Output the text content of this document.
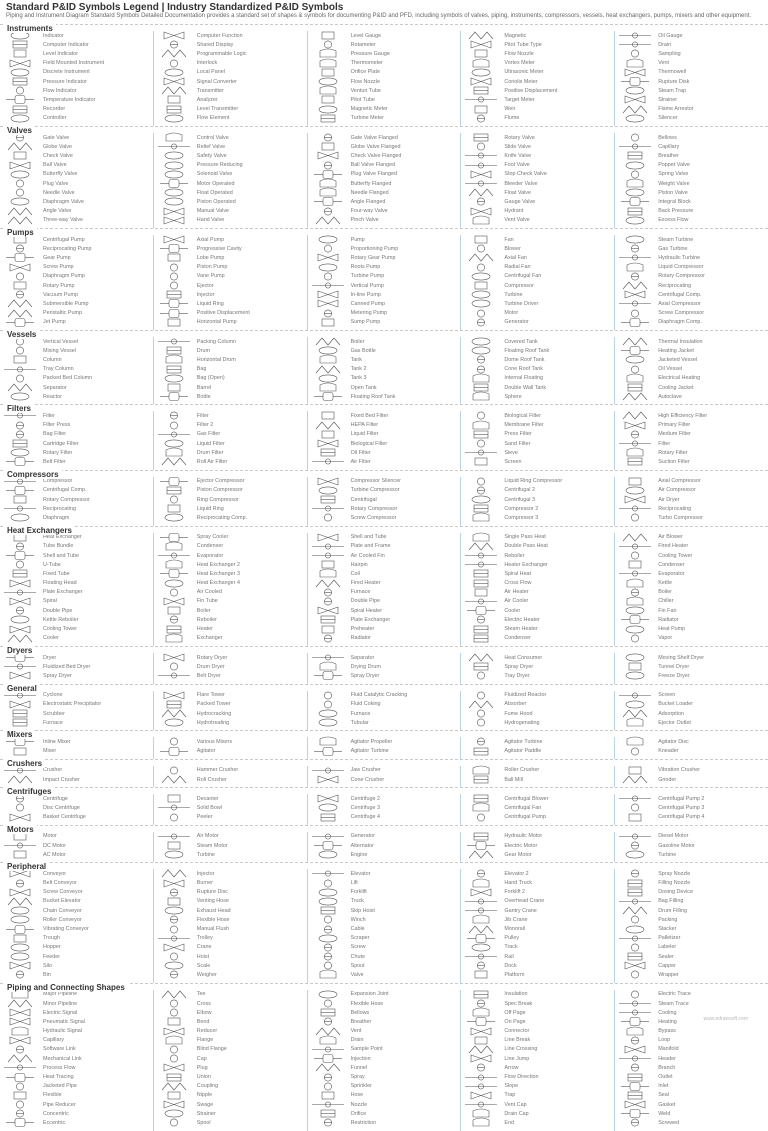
Standard P&ID Symbols Legend | Industry Standardized P&ID Symbols
Piping and Instrument Diagram Standard Symbols Detailed Documentation provides a standard set of shapes & symbols for documenting P&ID and PFD, including symbols of valves, piping, instruments, compressors, vessels, heat exchangers, pumps, mixers and other equipment.
Instruments
Indicator
Computer Indicator
Level Indicator
Field Mounted Instrument
Discrete Instrument
Pressure Indicator
Flow Indicator
Temperature Indicator
Recorder
Controller
Computer Function
Shared Display
Programmable Logic
Interlock
Local Panel
Signal Converter
Transmitter
Analyzer
Level Transmitter
Flow Element
Level Gauge
Rotameter
Pressure Gauge
Thermometer
Orifice Plate
Flow Nozzle
Venturi Tube
Pitot Tube
Magnetic Meter
Turbine Meter
Magnetic
Pitot Tube Type
Flow Nozzle
Vortex Meter
Ultrasonic Meter
Coriolis Meter
Positive Displacement
Target Meter
Weir
Flume
Oil Gauge
Drain
Sampling
Vent
Thermowell
Rupture Disk
Steam Trap
Strainer
Flame Arrestor
Silencer
Valves
Gate Valve
Globe Valve
Check Valve
Ball Valve
Butterfly Valve
Plug Valve
Needle Valve
Diaphragm Valve
Angle Valve
Three-way Valve
Control Valve
Relief Valve
Safety Valve
Pressure Reducing
Solenoid Valve
Motor Operated
Float Operated
Piston Operated
Manual Valve
Hand Valve
Gate Valve Flanged
Globe Valve Flanged
Check Valve Flanged
Ball Valve Flanged
Plug Valve Flanged
Butterfly Flanged
Needle Flanged
Angle Flanged
Four-way Valve
Pinch Valve
Rotary Valve
Slide Valve
Knife Valve
Foot Valve
Stop Check Valve
Bleeder Valve
Float Valve
Gauge Valve
Hydrant
Vent Valve
Bellows
Capillary
Breather
Poppet Valve
Spring Valve
Weight Valve
Piston Valve
Integral Block
Back Pressure
Excess Flow
Pumps
Centrifugal Pump
Reciprocating Pump
Gear Pump
Screw Pump
Diaphragm Pump
Rotary Pump
Vacuum Pump
Submersible Pump
Peristaltic Pump
Jet Pump
Axial Pump
Progressive Cavity
Lobe Pump
Piston Pump
Vane Pump
Ejector
Injector
Liquid Ring
Positive Displacement
Horizontal Pump
Pump
Proportioning Pump
Rotary Gear Pump
Roots Pump
Turbine Pump
Vertical Pump
In-line Pump
Canned Pump
Metering Pump
Sump Pump
Fan
Blower
Axial Fan
Radial Fan
Centrifugal Fan
Compressor
Turbine
Turbine Driver
Motor
Generator
Steam Turbine
Gas Turbine
Hydraulic Turbine
Liquid Compressor
Rotary Compressor
Reciprocating
Centrifugal Comp.
Axial Compressor
Screw Compressor
Diaphragm Comp.
Vessels
Vertical Vessel
Mixing Vessel
Column
Tray Column
Packed Bed Column
Separator
Reactor
Packing Column
Drum
Horizontal Drum
Bag
Bag (Open)
Barrel
Bottle
Boiler
Gas Bottle
Tank
Tank 2
Tank 3
Open Tank
Floating Roof Tank
Covered Tank
Floating Roof Tank
Dome Roof Tank
Cone Roof Tank
Internal Floating
Double Wall Tank
Sphere
Thermal Insulation
Heating Jacket
Jacketed Vessel
Oil Vessel
Electrical Heating
Cooling Jacket
Autoclave
Filters
Filter
Filter Press
Bag Filter
Cartridge Filter
Rotary Filter
Belt Filter
Filter
Filter 2
Gas Filter
Liquid Filter
Drum Filter
Roll Air Filter
Fixed Bed Filter
HEPA Filter
Liquid Filter
Biological Filter
Oil Filter
Air Filter
Biological Filter
Membrane Filter
Press Filter
Sand Filter
Sieve
Screen
High Efficiency Filter
Primary Filter
Medium Filter
Filter
Rotary Filter
Suction Filter
Compressors
Compressor
Centrifugal Comp.
Rotary Compressor
Reciprocating
Diaphragm
Ejector Compressor
Piston Compressor
Ring Compressor
Liquid Ring
Reciprocating Comp.
Compressor Silencer
Turbine Compressor
Centrifugal
Rotary Compressor
Screw Compressor
Liquid Ring Compressor
Centrifugal 2
Centrifugal 3
Compressor 2
Compressor 3
Axial Compressor
Air Compressor
Air Dryer
Reciprocating
Turbo Compressor
Heat Exchangers
Heat Exchanger
Tube Bundle
Shell and Tube
U-Tube
Fixed Tube
Floating Head
Plate Exchanger
Spiral
Double Pipe
Kettle Reboiler
Cooling Tower
Cooler
Spray Cooler
Condenser
Evaporator
Heat Exchanger 2
Heat Exchanger 3
Heat Exchanger 4
Air Cooled
Fin Tube
Boiler
Reboiler
Heater
Exchanger
Shell and Tube
Plate and Frame
Air Cooled Fin
Hairpin
Coil
Fired Heater
Furnace
Double Pipe
Spiral Heater
Plate Exchanger
Preheater
Radiator
Single Pass Heat
Double Pass Heat
Reboiler
Heater Exchanger
Spiral Heat
Cross Flow
Air Heater
Air Cooler
Cooler
Electric Heater
Steam Heater
Condenser
Air Blower
Fired Heater
Cooling Tower
Condenser
Evaporator
Kettle
Boiler
Chiller
Fin Fan
Radiator
Heat Pump
Vapor
Dryers
Dryer
Fluidized Bed Dryer
Spray Dryer
Rotary Dryer
Drum Dryer
Belt Dryer
Separator
Drying Drum
Spray Dryer
Heat Consumer
Spray Dryer
Tray Dryer
Moving Shelf Dryer
Tunnel Dryer
Freeze Dryer
General
Cyclone
Electrostatic Precipitator
Scrubber
Furnace
Flare Tower
Packed Tower
Hydrocracking
Hydrotreating
Fluid Catalytic Cracking
Fluid Coking
Furnace
Tubular
Fluidized Reactor
Absorber
Fume Hood
Hydrogenating
Screen
Bucket Loader
Adsorption
Ejector Outlet
Mixers
Inline Mixer
Mixer
Various Mixers
Agitator
Agitator Propeller
Agitator Turbine
Agitator Turbine
Agitator Paddle
Agitator Disc
Kneader
Crushers
Crusher
Impact Crusher
Hammer Crusher
Roll Crusher
Jaw Crusher
Cone Crusher
Roller Crusher
Ball Mill
Vibration Crusher
Grinder
Centrifuges
Centrifuge
Disc Centrifuge
Basket Centrifuge
Decanter
Solid Bowl
Peeler
Centrifuge 2
Centrifuge 3
Centrifuge 4
Centrifugal Blower
Centrifugal Fan
Centrifugal Pump
Centrifugal Pump 2
Centrifugal Pump 3
Centrifugal Pump 4
Motors
Motor
DC Motor
AC Motor
Air Motor
Steam Motor
Turbine
Generator
Alternator
Engine
Hydraulic Motor
Electric Motor
Gear Motor
Diesel Motor
Gasoline Motor
Turbine
Peripheral
Conveyor
Belt Conveyor
Screw Conveyor
Bucket Elevator
Chain Conveyor
Roller Conveyor
Vibrating Conveyor
Trough
Hopper
Feeder
Silo
Bin
Injector
Burner
Rupture Disc
Venting Hose
Exhaust Head
Flexible Hose
Manual Flush
Trolley
Crane
Hoist
Scale
Weigher
Elevator
Lift
Forklift
Truck
Skip Hoist
Winch
Cable
Scraper
Screw
Chute
Spout
Valve
Elevator 2
Hand Truck
Forklift 2
Overhead Crane
Gantry Crane
Jib Crane
Monorail
Pulley
Track
Rail
Dock
Platform
Spray Nozzle
Filling Nozzle
Dosing Device
Bag Filling
Drum Filling
Packing
Stacker
Palletizer
Labeler
Sealer
Capper
Wrapper
Piping and Connecting Shapes
Major Pipeline
Minor Pipeline
Electric Signal
Pneumatic Signal
Hydraulic Signal
Capillary
Software Link
Mechanical Link
Process Flow
Heat Tracing
Jacketed Pipe
Flexible
Pipe Reducer
Concentric
Eccentric
Tee
Cross
Elbow
Bend
Reducer
Flange
Blind Flange
Cap
Plug
Union
Coupling
Nipple
Swage
Strainer
Spool
Expansion Joint
Flexible Hose
Bellows
Breather
Vent
Drain
Sample Point
Injection
Funnel
Spray
Sprinkler
Hose
Nozzle
Orifice
Restriction
Insulation
Spec Break
Off Page
On Page
Connector
Line Break
Line Crossing
Line Jump
Arrow
Flow Direction
Slope
Trap
Vent Cap
Drain Cap
End
Electric Trace
Steam Trace
Cooling
Heating
Bypass
Loop
Manifold
Header
Branch
Outlet
Inlet
Seal
Gasket
Weld
Screwed
www.edrawsoft.com
